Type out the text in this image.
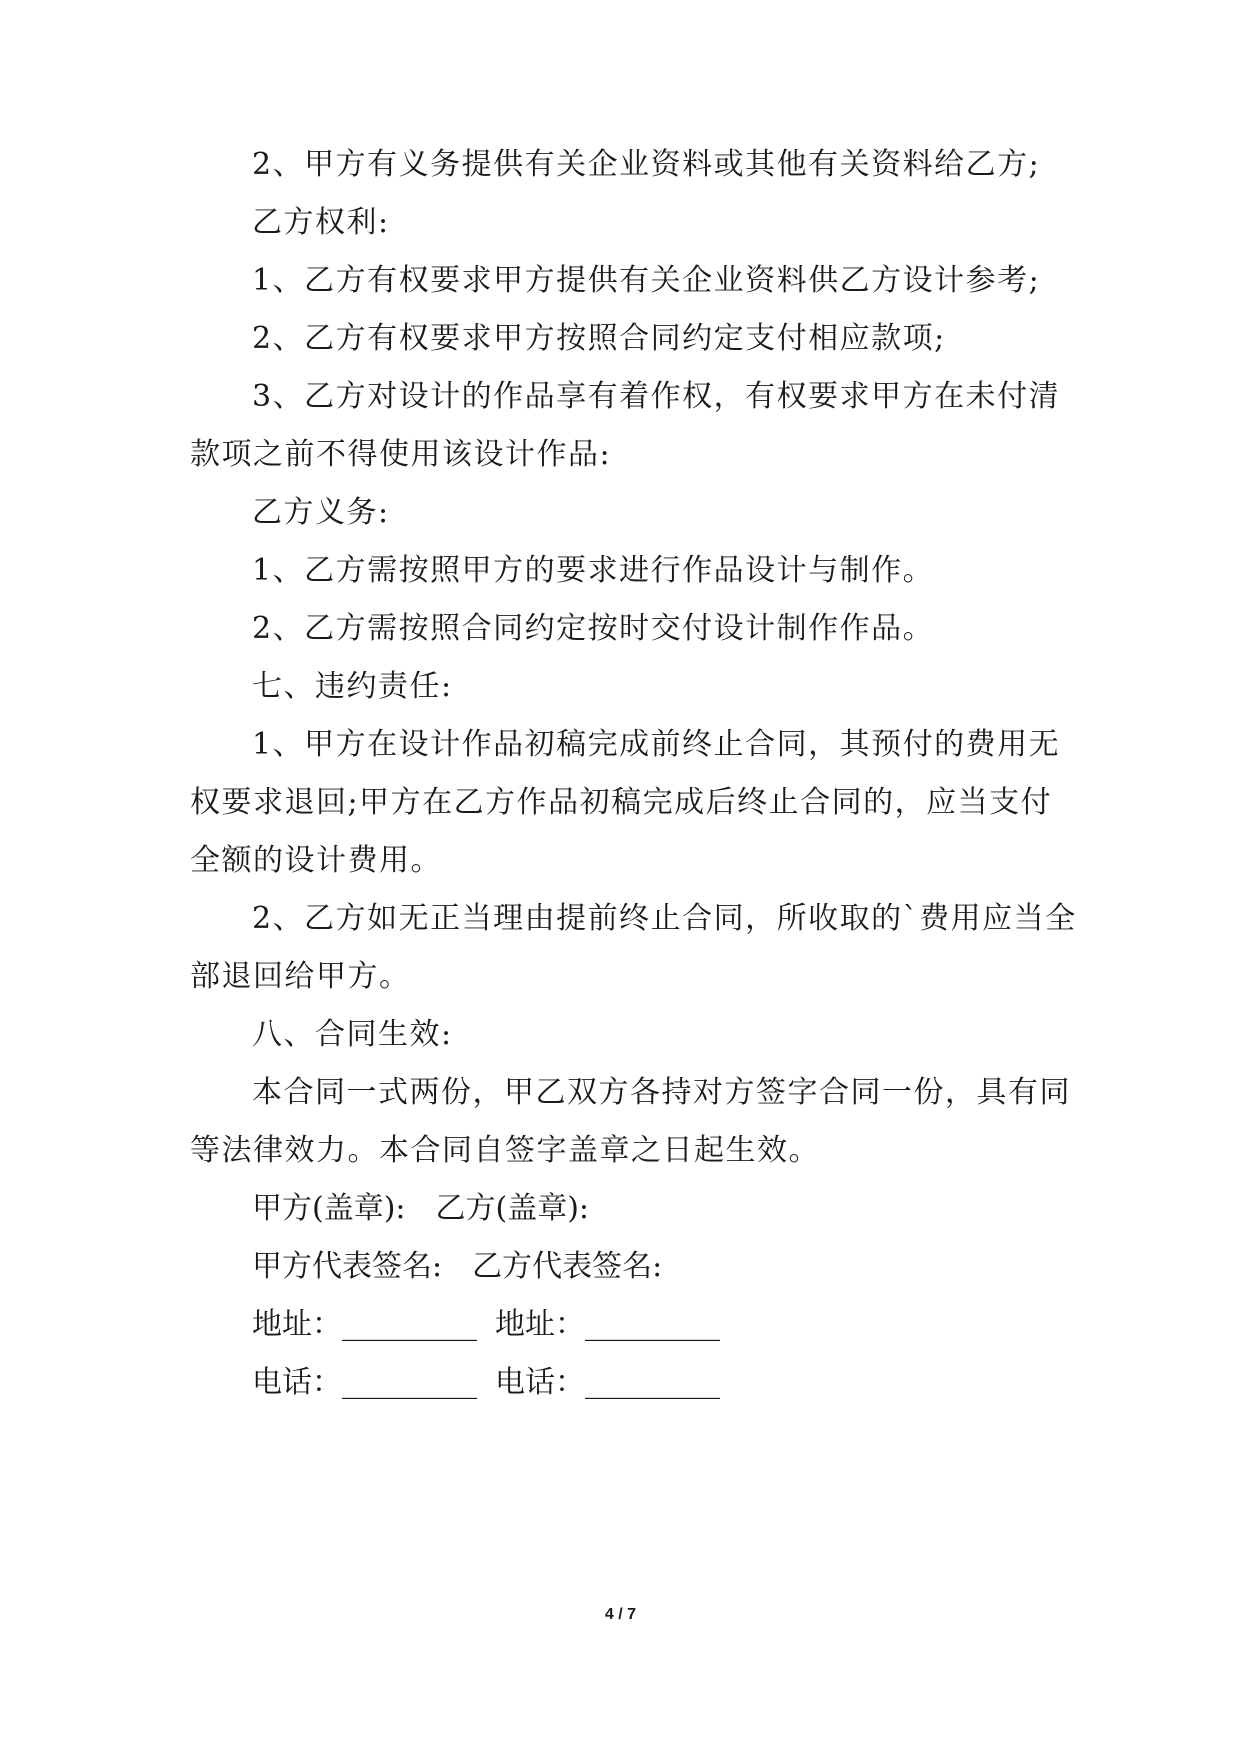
2、甲方有义务提供有关企业资料或其他有关资料给乙方;
乙方权利:
1、乙方有权要求甲方提供有关企业资料供乙方设计参考;
2、乙方有权要求甲方按照合同约定支付相应款项;
3、乙方对设计的作品享有着作权，有权要求甲方在未付清
款项之前不得使用该设计作品:
乙方义务:
1、乙方需按照甲方的要求进行作品设计与制作。
2、乙方需按照合同约定按时交付设计制作作品。
七、违约责任:
1、甲方在设计作品初稿完成前终止合同，其预付的费用无
权要求退回;甲方在乙方作品初稿完成后终止合同的，应当支付
全额的设计费用。
2、乙方如无正当理由提前终止合同，所收取的`费用应当全
部退回给甲方。
八、合同生效:
本合同一式两份，甲乙双方各持对方签字合同一份，具有同
等法律效力。本合同自签字盖章之日起生效。
甲方(盖章): 乙方(盖章):
甲方代表签名: 乙方代表签名:
地址：_________ 地址：_________
电话：_________ 电话：_________
4 / 7
